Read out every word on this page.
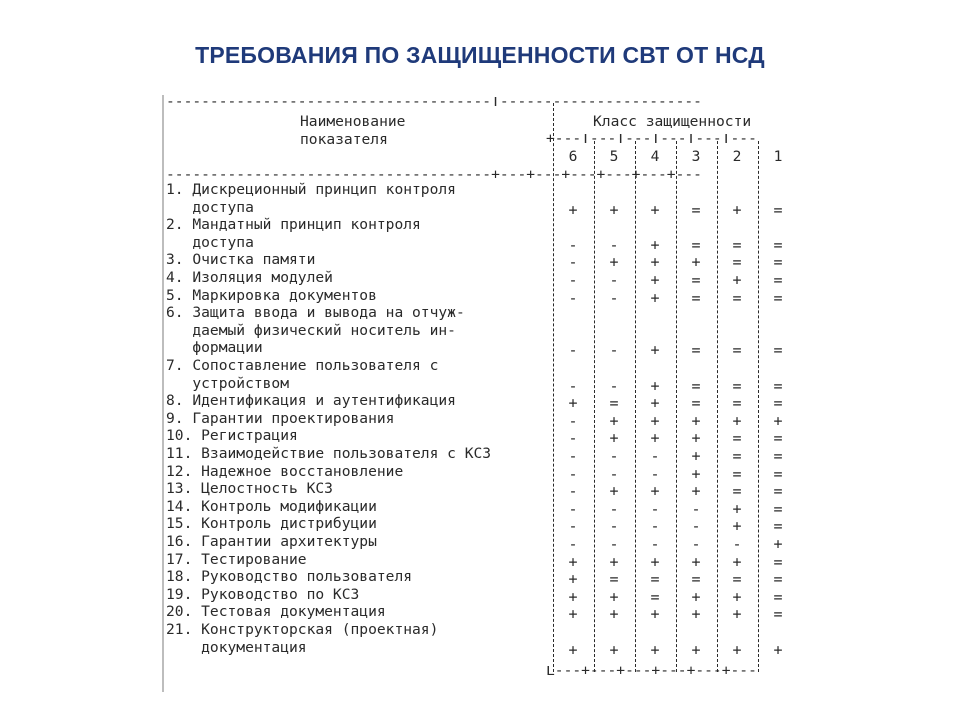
ТРЕБОВАНИЯ ПО ЗАЩИЩЕННОСТИ СВТ ОТ НСД
-------------------------------------Т-----------------------
Наименование
показателя
Класс защищенности
+---Т---Т---Т---Т---Т---
6	5	4	3	2	1
-------------------------------------+---+---+---+---+---+---
1. Дискреционный принцип контроля
доступа	+	+	+	=	+	=
2. Мандатный принцип контроля
доступа	-	-	+	=	=	=
3. Очистка памяти	-	+	+	+	=	=
4. Изоляция модулей	-	-	+	=	+	=
5. Маркировка документов	-	-	+	=	=	=
6. Защита ввода и вывода на отчуж-
даемый физический носитель ин-
формации	-	-	+	=	=	=
7. Сопоставление пользователя с
устройством	-	-	+	=	=	=
8. Идентификация и аутентификация	+	=	+	=	=	=
9. Гарантии проектирования	-	+	+	+	+	+
10. Регистрация	-	+	+	+	=	=
11. Взаимодействие пользователя с КСЗ	-	-	-	+	=	=
12. Надежное восстановление	-	-	-	+	=	=
13. Целостность КСЗ	-	+	+	+	=	=
14. Контроль модификации	-	-	-	-	+	=
15. Контроль дистрибуции	-	-	-	-	+	=
16. Гарантии архитектуры	-	-	-	-	-	+
17. Тестирование	+	+	+	+	+	=
18. Руководство пользователя	+	=	=	=	=	=
19. Руководство по КСЗ	+	+	=	+	+	=
20. Тестовая документация	+	+	+	+	+	=
21. Конструкторская (проектная)
документация	+	+	+	+	+	+
L---+---+---+---+---+---
